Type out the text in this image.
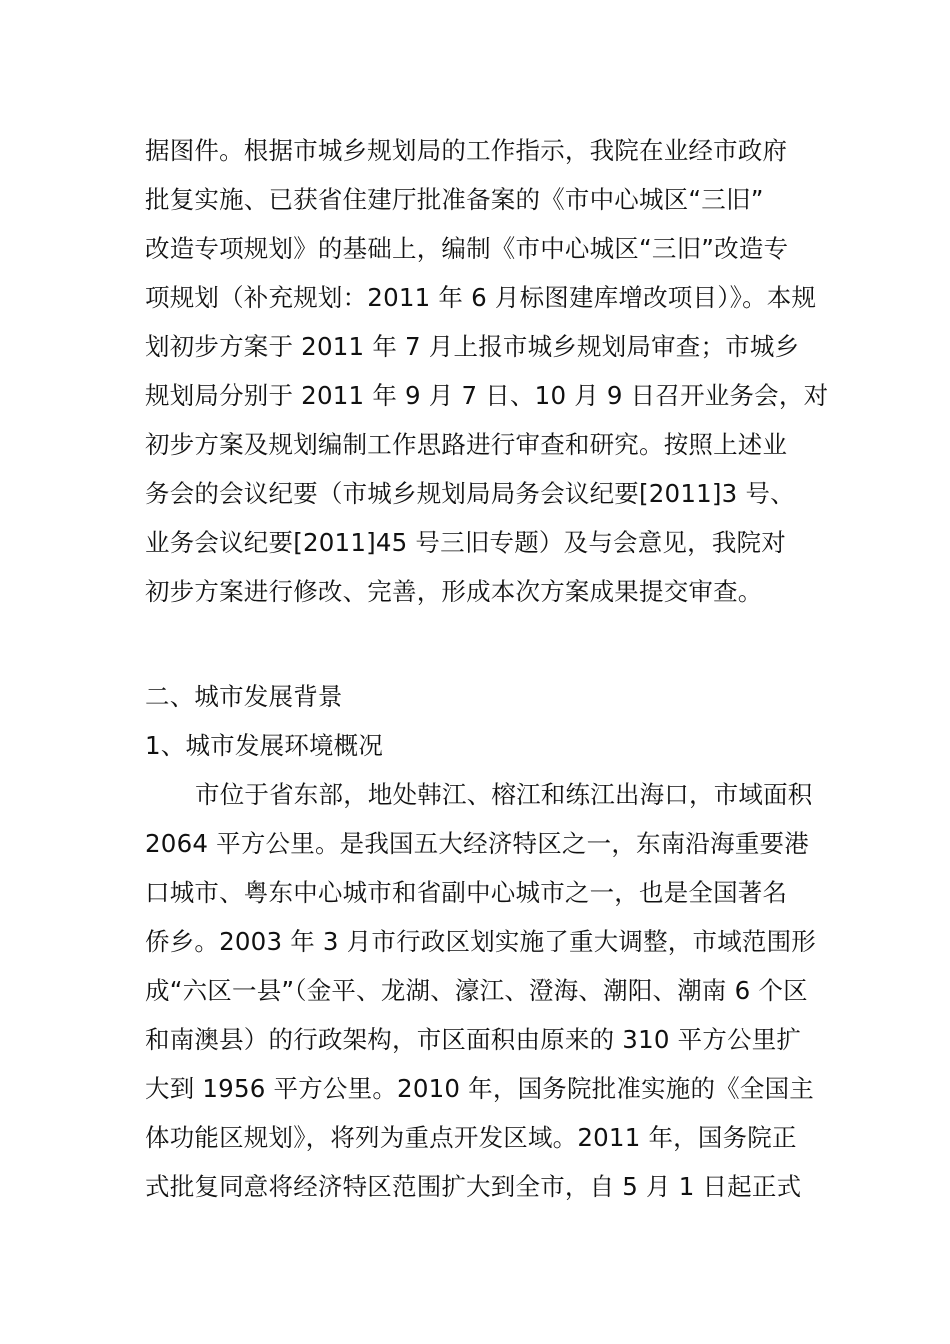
据图件。根据市城乡规划局的工作指示，我院在业经市政府
批复实施、已获省住建厅批准备案的《市中心城区“三旧”
改造专项规划》的基础上，编制《市中心城区“三旧”改造专
项规划（补充规划：2011 年 6 月标图建库增改项目）》。本规
划初步方案于 2011 年 7 月上报市城乡规划局审查；市城乡
规划局分别于 2011 年 9 月 7 日、10 月 9 日召开业务会，对
初步方案及规划编制工作思路进行审查和研究。按照上述业
务会的会议纪要（市城乡规划局局务会议纪要[2011]3 号、
业务会议纪要[2011]45 号三旧专题）及与会意见，我院对
初步方案进行修改、完善，形成本次方案成果提交审查。
二、城市发展背景
1、城市发展环境概况
市位于省东部，地处韩江、榕江和练江出海口，市域面积
2064 平方公里。是我国五大经济特区之一，东南沿海重要港
口城市、粤东中心城市和省副中心城市之一，也是全国著名
侨乡。2003 年 3 月市行政区划实施了重大调整，市域范围形
成“六区一县”（金平、龙湖、濠江、澄海、潮阳、潮南 6 个区
和南澳县）的行政架构，市区面积由原来的 310 平方公里扩
大到 1956 平方公里。2010 年，国务院批准实施的《全国主
体功能区规划》，将列为重点开发区域。2011 年，国务院正
式批复同意将经济特区范围扩大到全市，自 5 月 1 日起正式
